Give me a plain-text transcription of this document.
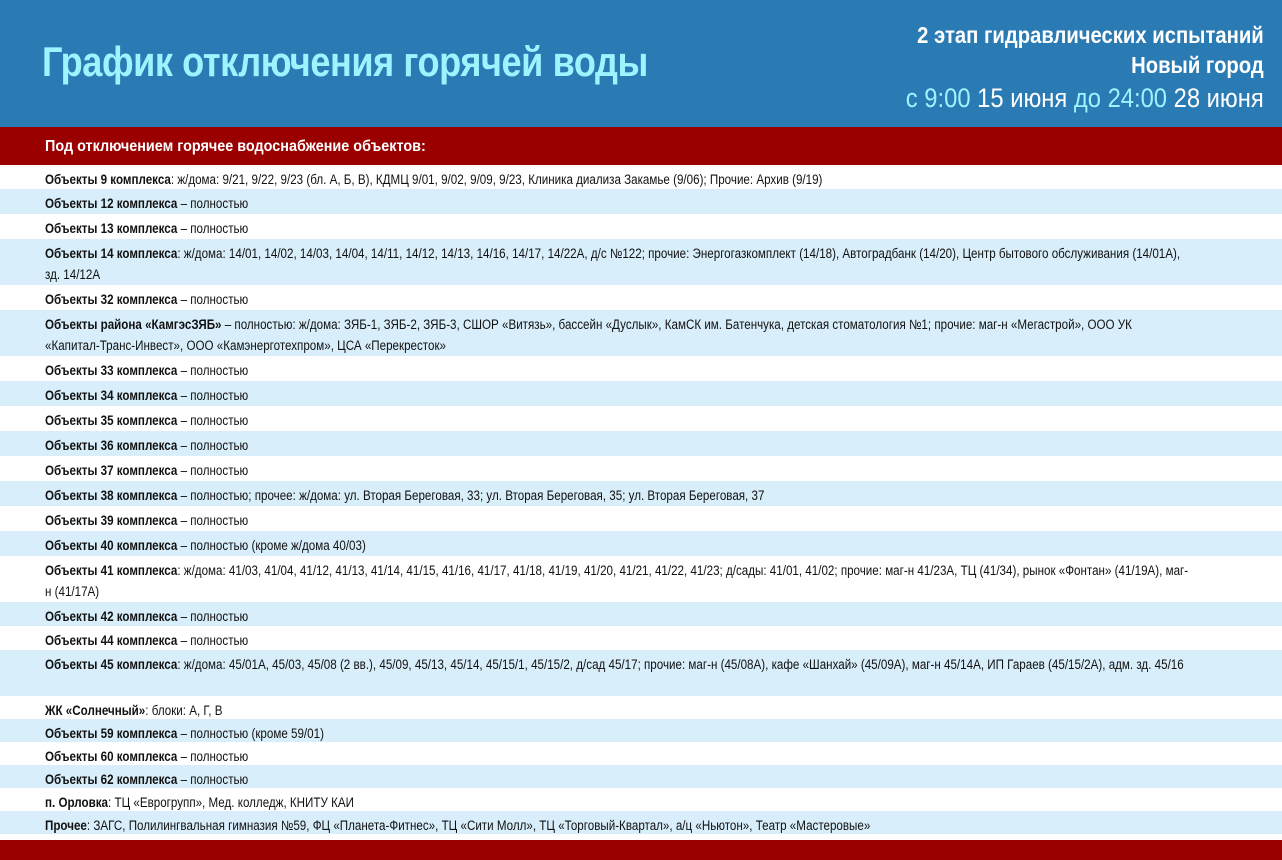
График отключения горячей воды
2 этап гидравлических испытаний
Новый город
с 9:00 15 июня до 24:00 28 июня
Под отключением горячее водоснабжение объектов:
Объекты 9 комплекса: ж/дома: 9/21, 9/22, 9/23 (бл. А, Б, В), КДМЦ 9/01, 9/02, 9/09, 9/23, Клиника диализа Закамье (9/06); Прочие: Архив (9/19)
Объекты 12 комплекса – полностью
Объекты 13 комплекса – полностью
Объекты 14 комплекса: ж/дома: 14/01, 14/02, 14/03, 14/04, 14/11, 14/12, 14/13, 14/16, 14/17, 14/22А, д/с №122; прочие: Энергогазкомплект (14/18), Автоградбанк (14/20), Центр бытового обслуживания (14/01А), зд. 14/12А
Объекты 32 комплекса – полностью
Объекты района «КамгэсЗЯБ» – полностью: ж/дома: ЗЯБ-1, ЗЯБ-2, ЗЯБ-3, СШОР «Витязь», бассейн «Дуслык», КамСК им. Батенчука, детская стоматология №1; прочие: маг-н «Мегастрой», ООО УК «Капитал-Транс-Инвест», ООО «Камэнерготехпром», ЦСА «Перекресток»
Объекты 33 комплекса – полностью
Объекты 34 комплекса – полностью
Объекты 35 комплекса – полностью
Объекты 36 комплекса – полностью
Объекты 37 комплекса – полностью
Объекты 38 комплекса – полностью; прочее: ж/дома: ул. Вторая Береговая, 33; ул. Вторая Береговая, 35; ул. Вторая Береговая, 37
Объекты 39 комплекса – полностью
Объекты 40 комплекса – полностью (кроме ж/дома 40/03)
Объекты 41 комплекса: ж/дома: 41/03, 41/04, 41/12, 41/13, 41/14, 41/15, 41/16, 41/17, 41/18, 41/19, 41/20, 41/21, 41/22, 41/23; д/сады: 41/01, 41/02; прочие: маг-н 41/23А, ТЦ (41/34), рынок «Фонтан» (41/19А), маг-н (41/17А)
Объекты 42 комплекса – полностью
Объекты 44 комплекса – полностью
Объекты 45 комплекса: ж/дома: 45/01А, 45/03, 45/08 (2 вв.), 45/09, 45/13, 45/14, 45/15/1, 45/15/2, д/сад 45/17; прочие: маг-н (45/08А), кафе «Шанхай» (45/09А), маг-н 45/14А, ИП Гараев (45/15/2А), адм. зд. 45/16
ЖК «Солнечный»: блоки: А, Г, В
Объекты 59 комплекса – полностью (кроме 59/01)
Объекты 60 комплекса – полностью
Объекты 62 комплекса – полностью
п. Орловка: ТЦ «Еврогрупп», Мед. колледж, КНИТУ КАИ
Прочее: ЗАГС, Полилингвальная гимназия №59, ФЦ «Планета-Фитнес», ТЦ «Сити Молл», ТЦ «Торговый-Квартал», а/ц «Ньютон», Театр «Мастеровые»
